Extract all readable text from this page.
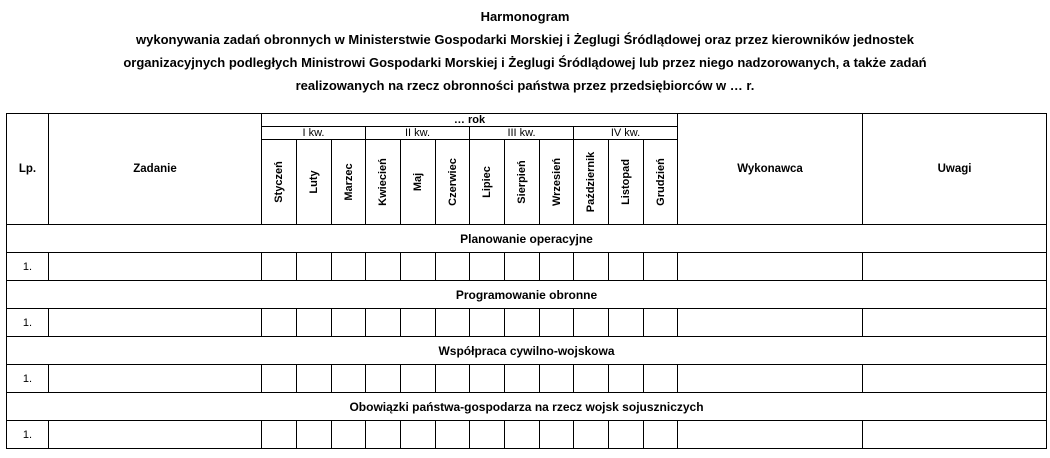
Harmonogram
wykonywania zadań obronnych w Ministerstwie Gospodarki Morskiej i Żeglugi Śródlądowej oraz przez kierowników jednostek
organizacyjnych podległych Ministrowi Gospodarki Morskiej i Żeglugi Śródlądowej lub przez niego nadzorowanych, a także zadań
realizowanych na rzecz obronności państwa przez przedsiębiorców w … r.
Lp.	Zadanie	… rok												Wykonawca	Uwagi
		I kw.			II kw.			III kw.			IV kw.				

		Styczeń	Luty	Marzec	Kwiecień	Maj	Czerwiec	Lipiec	Sierpień	Wrzesień	Październik	Listopad	Grudzień		

Planowanie operacyjne															
1.															
Programowanie obronne															
1.															
Współpraca cywilno-wojskowa															
1.															
Obowiązki państwa-gospodarza na rzecz wojsk sojuszniczych															
1.															
